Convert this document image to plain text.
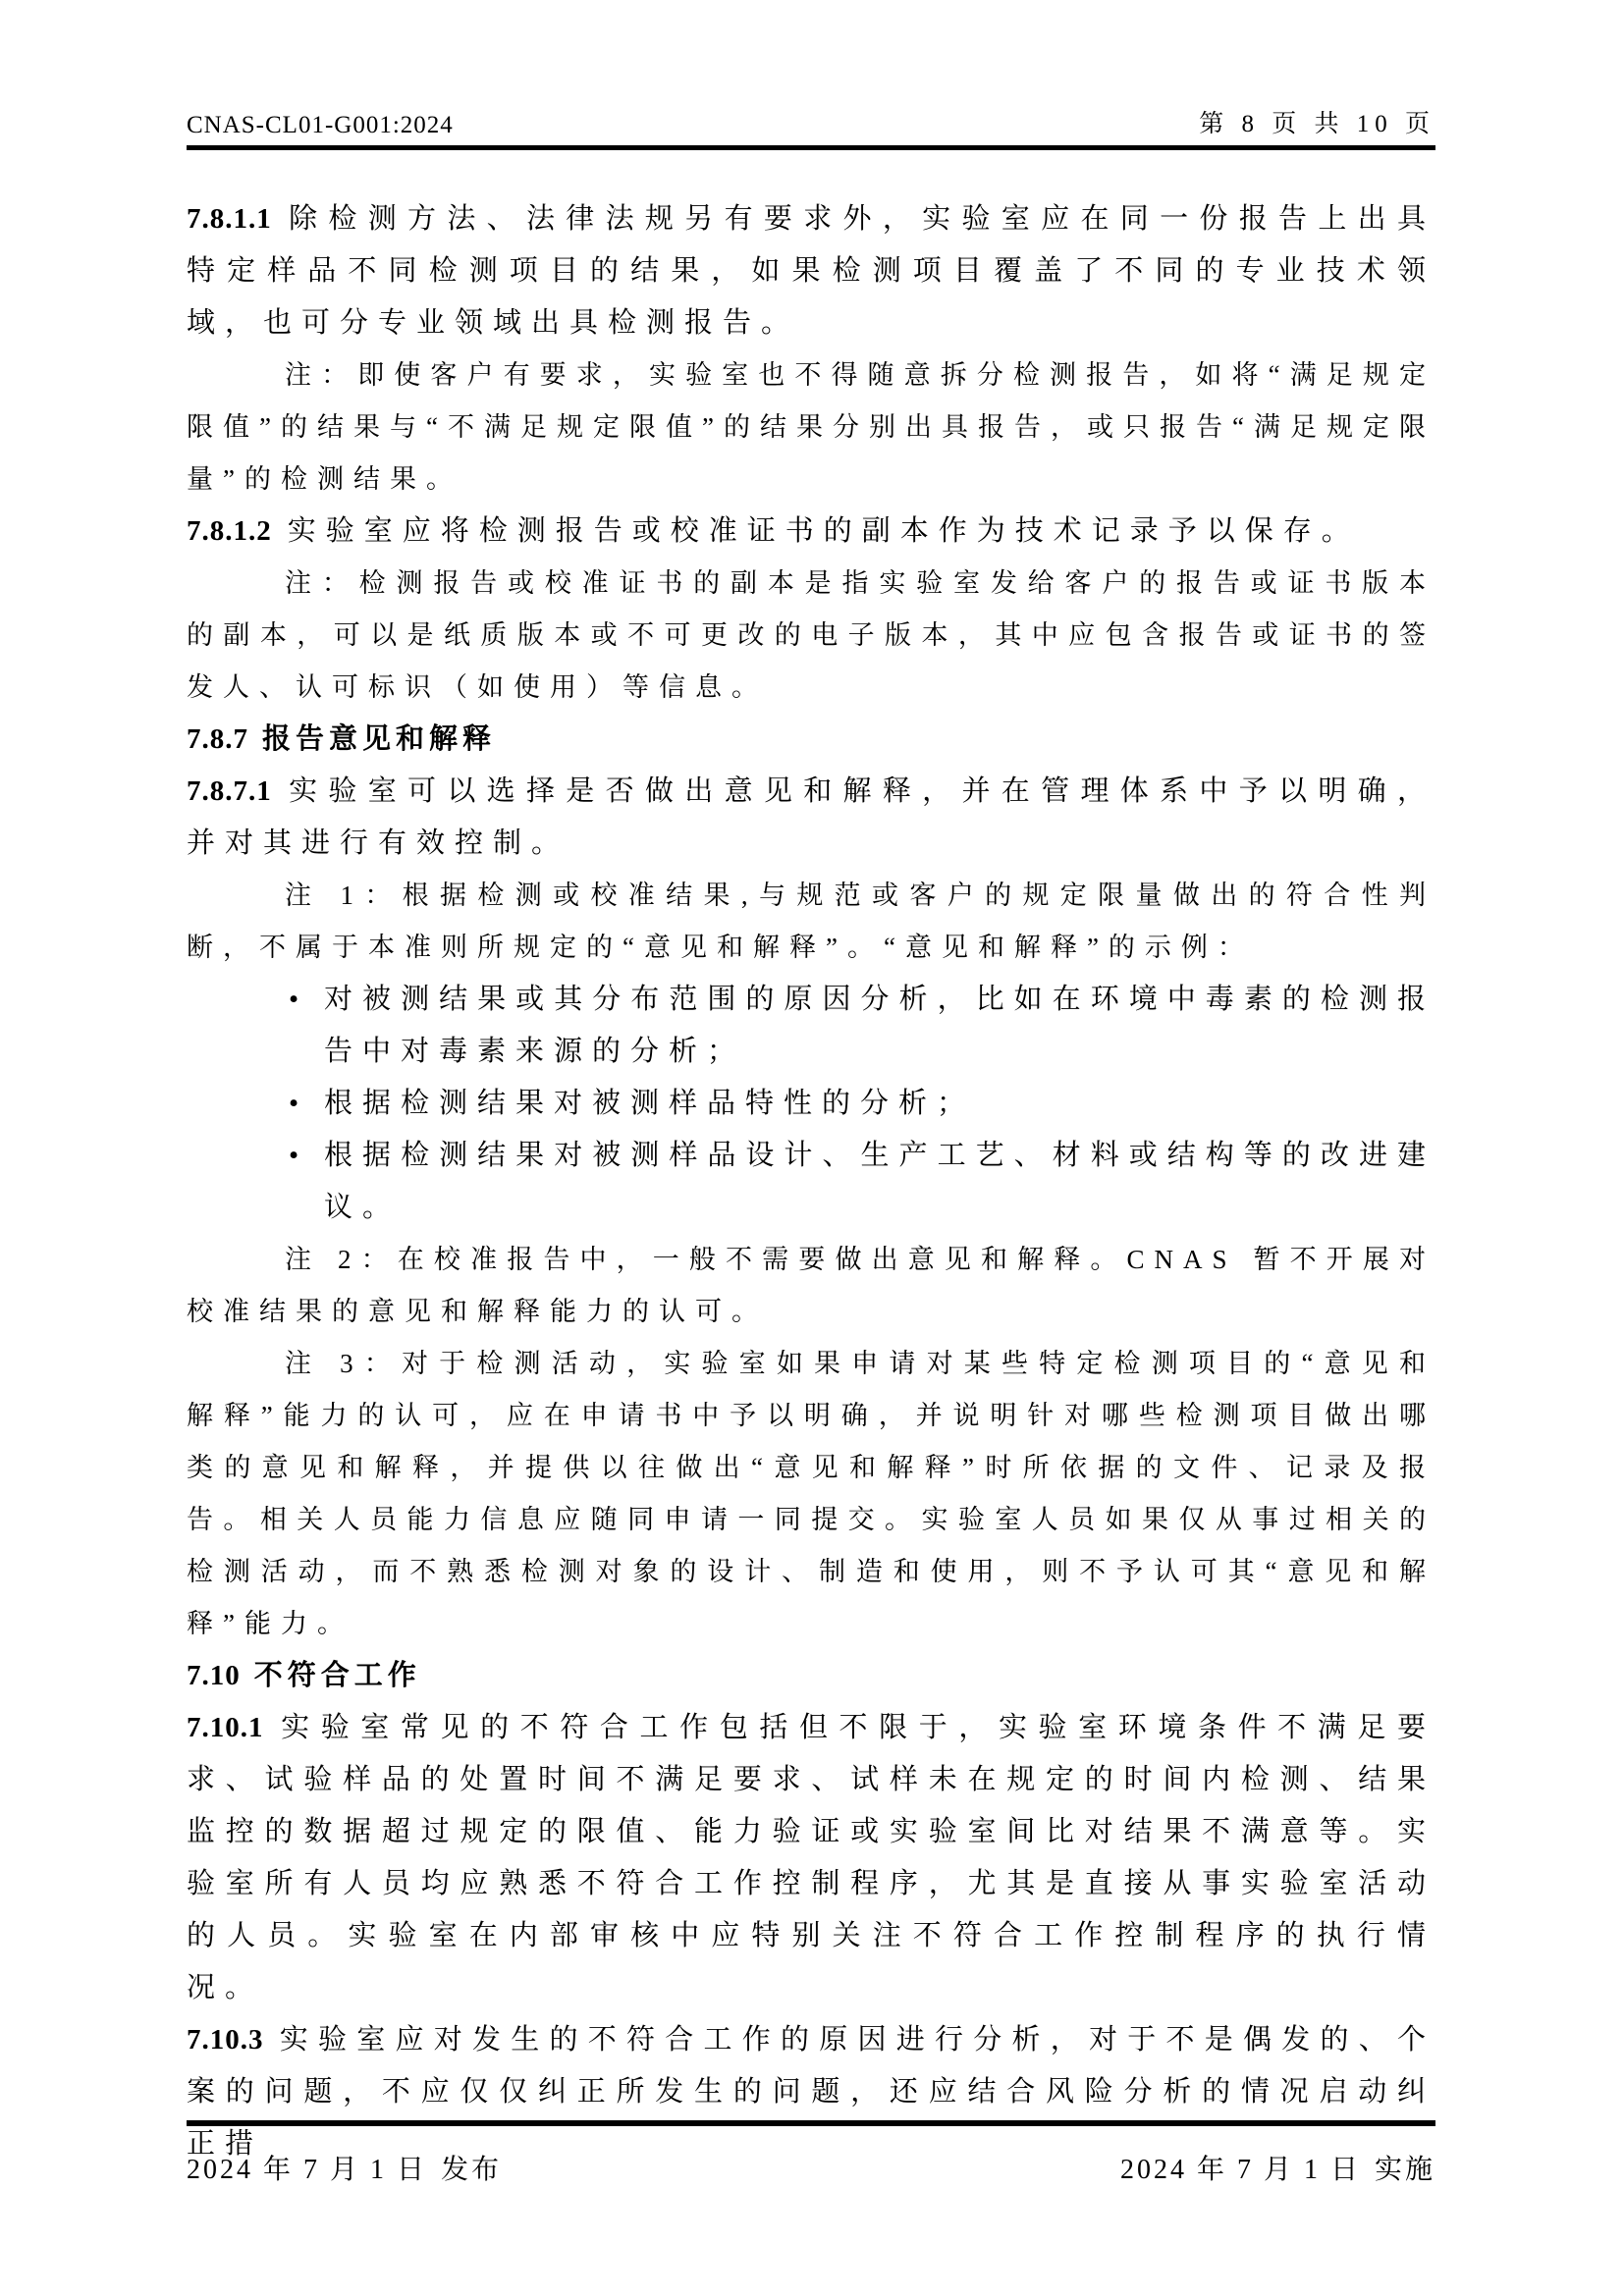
CNAS-CL01-G001:2024	第 8 页 共 10 页

7.8.1.1 除检测方法、法律法规另有要求外，实验室应在同一份报告上出具特定样品不同检测项目的结果，如果检测项目覆盖了不同的专业技术领域，也可分专业领域出具检测报告。

注：即使客户有要求，实验室也不得随意拆分检测报告，如将“满足规定限值”的结果与“不满足规定限值”的结果分别出具报告，或只报告“满足规定限量”的检测结果。

7.8.1.2 实验室应将检测报告或校准证书的副本作为技术记录予以保存。

注：检测报告或校准证书的副本是指实验室发给客户的报告或证书版本的副本，可以是纸质版本或不可更改的电子版本，其中应包含报告或证书的签发人、认可标识（如使用）等信息。

7.8.7 报告意见和解释

7.8.7.1 实验室可以选择是否做出意见和解释，并在管理体系中予以明确，并对其进行有效控制。

注 1：根据检测或校准结果,与规范或客户的规定限量做出的符合性判断，不属于本准则所规定的“意见和解释”。“意见和解释”的示例：

• 对被测结果或其分布范围的原因分析，比如在环境中毒素的检测报告中对毒素来源的分析；

• 根据检测结果对被测样品特性的分析；

• 根据检测结果对被测样品设计、生产工艺、材料或结构等的改进建议。

注 2：在校准报告中，一般不需要做出意见和解释。CNAS 暂不开展对校准结果的意见和解释能力的认可。

注 3：对于检测活动，实验室如果申请对某些特定检测项目的“意见和解释”能力的认可，应在申请书中予以明确，并说明针对哪些检测项目做出哪类的意见和解释，并提供以往做出“意见和解释”时所依据的文件、记录及报告。相关人员能力信息应随同申请一同提交。实验室人员如果仅从事过相关的检测活动，而不熟悉检测对象的设计、制造和使用，则不予认可其“意见和解释”能力。

7.10 不符合工作

7.10.1 实验室常见的不符合工作包括但不限于，实验室环境条件不满足要求、试验样品的处置时间不满足要求、试样未在规定的时间内检测、结果监控的数据超过规定的限值、能力验证或实验室间比对结果不满意等。实验室所有人员均应熟悉不符合工作控制程序，尤其是直接从事实验室活动的人员。实验室在内部审核中应特别关注不符合工作控制程序的执行情况。

7.10.3 实验室应对发生的不符合工作的原因进行分析，对于不是偶发的、个案的问题，不应仅仅纠正所发生的问题，还应结合风险分析的情况启动纠正措

2024 年 7 月 1 日 发布	2024 年 7 月 1 日 实施
